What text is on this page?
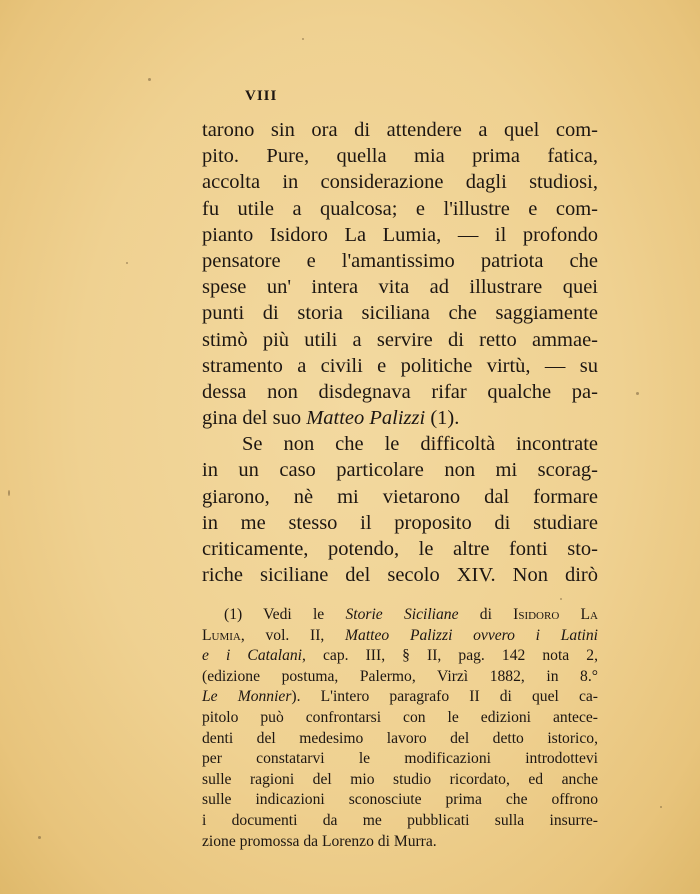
VIII
tarono sin ora di attendere a quel com-
pito. Pure, quella mia prima fatica,
accolta in considerazione dagli studiosi,
fu utile a qualcosa; e l'illustre e com-
pianto Isidoro La Lumia, — il profondo
pensatore e l'amantissimo patriota che
spese un' intera vita ad illustrare quei
punti di storia siciliana che saggiamente
stimò più utili a servire di retto ammae-
stramento a civili e politiche virtù, — su
dessa non disdegnava rifar qualche pa-
gina del suo Matteo Palizzi (1).
Se non che le difficoltà incontrate
in un caso particolare non mi scorag-
giarono, nè mi vietarono dal formare
in me stesso il proposito di studiare
criticamente, potendo, le altre fonti sto-
riche siciliane del secolo XIV. Non dirò
(1) Vedi le Storie Siciliane di Isidoro La
Lumia, vol. II, Matteo Palizzi ovvero i Latini
e i Catalani, cap. III, § II, pag. 142 nota 2,
(edizione postuma, Palermo, Virzì 1882, in 8.°
Le Monnier). L'intero paragrafo II di quel ca-
pitolo può confrontarsi con le edizioni antece-
denti del medesimo lavoro del detto istorico,
per constatarvi le modificazioni introdottevi
sulle ragioni del mio studio ricordato, ed anche
sulle indicazioni sconosciute prima che offrono
i documenti da me pubblicati sulla insurre-
zione promossa da Lorenzo di Murra.
